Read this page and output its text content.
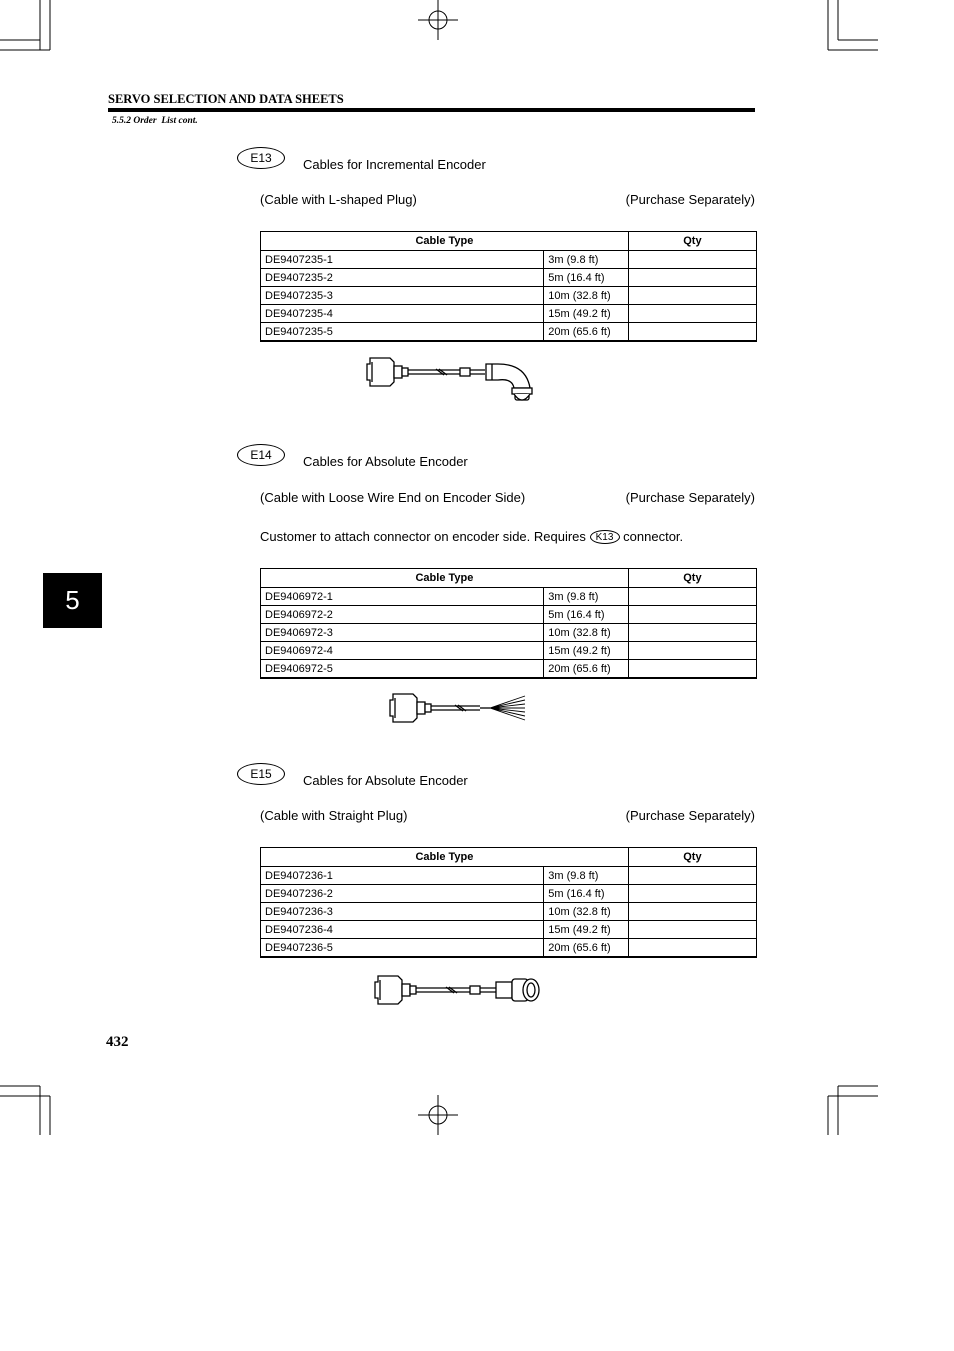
SERVO SELECTION AND DATA SHEETS
5.5.2 Order List cont.
E13	Cables for Incremental Encoder
(Cable with L-shaped Plug)	(Purchase Separately)
Cable Type		Qty
DE9407235-1	3m (9.8 ft)	
DE9407235-2	5m (16.4 ft)	
DE9407235-3	10m (32.8 ft)	
DE9407235-4	15m (49.2 ft)	
DE9407235-5	20m (65.6 ft)	
E14	Cables for Absolute Encoder
(Cable with Loose Wire End on Encoder Side)	(Purchase Separately)
Customer to attach connector on encoder side. Requires K13 connector.
Cable Type		Qty
DE9406972-1	3m (9.8 ft)	
DE9406972-2	5m (16.4 ft)	
DE9406972-3	10m (32.8 ft)	
DE9406972-4	15m (49.2 ft)	
DE9406972-5	20m (65.6 ft)	
E15	Cables for Absolute Encoder
(Cable with Straight Plug)	(Purchase Separately)
Cable Type		Qty
DE9407236-1	3m (9.8 ft)	
DE9407236-2	5m (16.4 ft)	
DE9407236-3	10m (32.8 ft)	
DE9407236-4	15m (49.2 ft)	
DE9407236-5	20m (65.6 ft)	
5
432
